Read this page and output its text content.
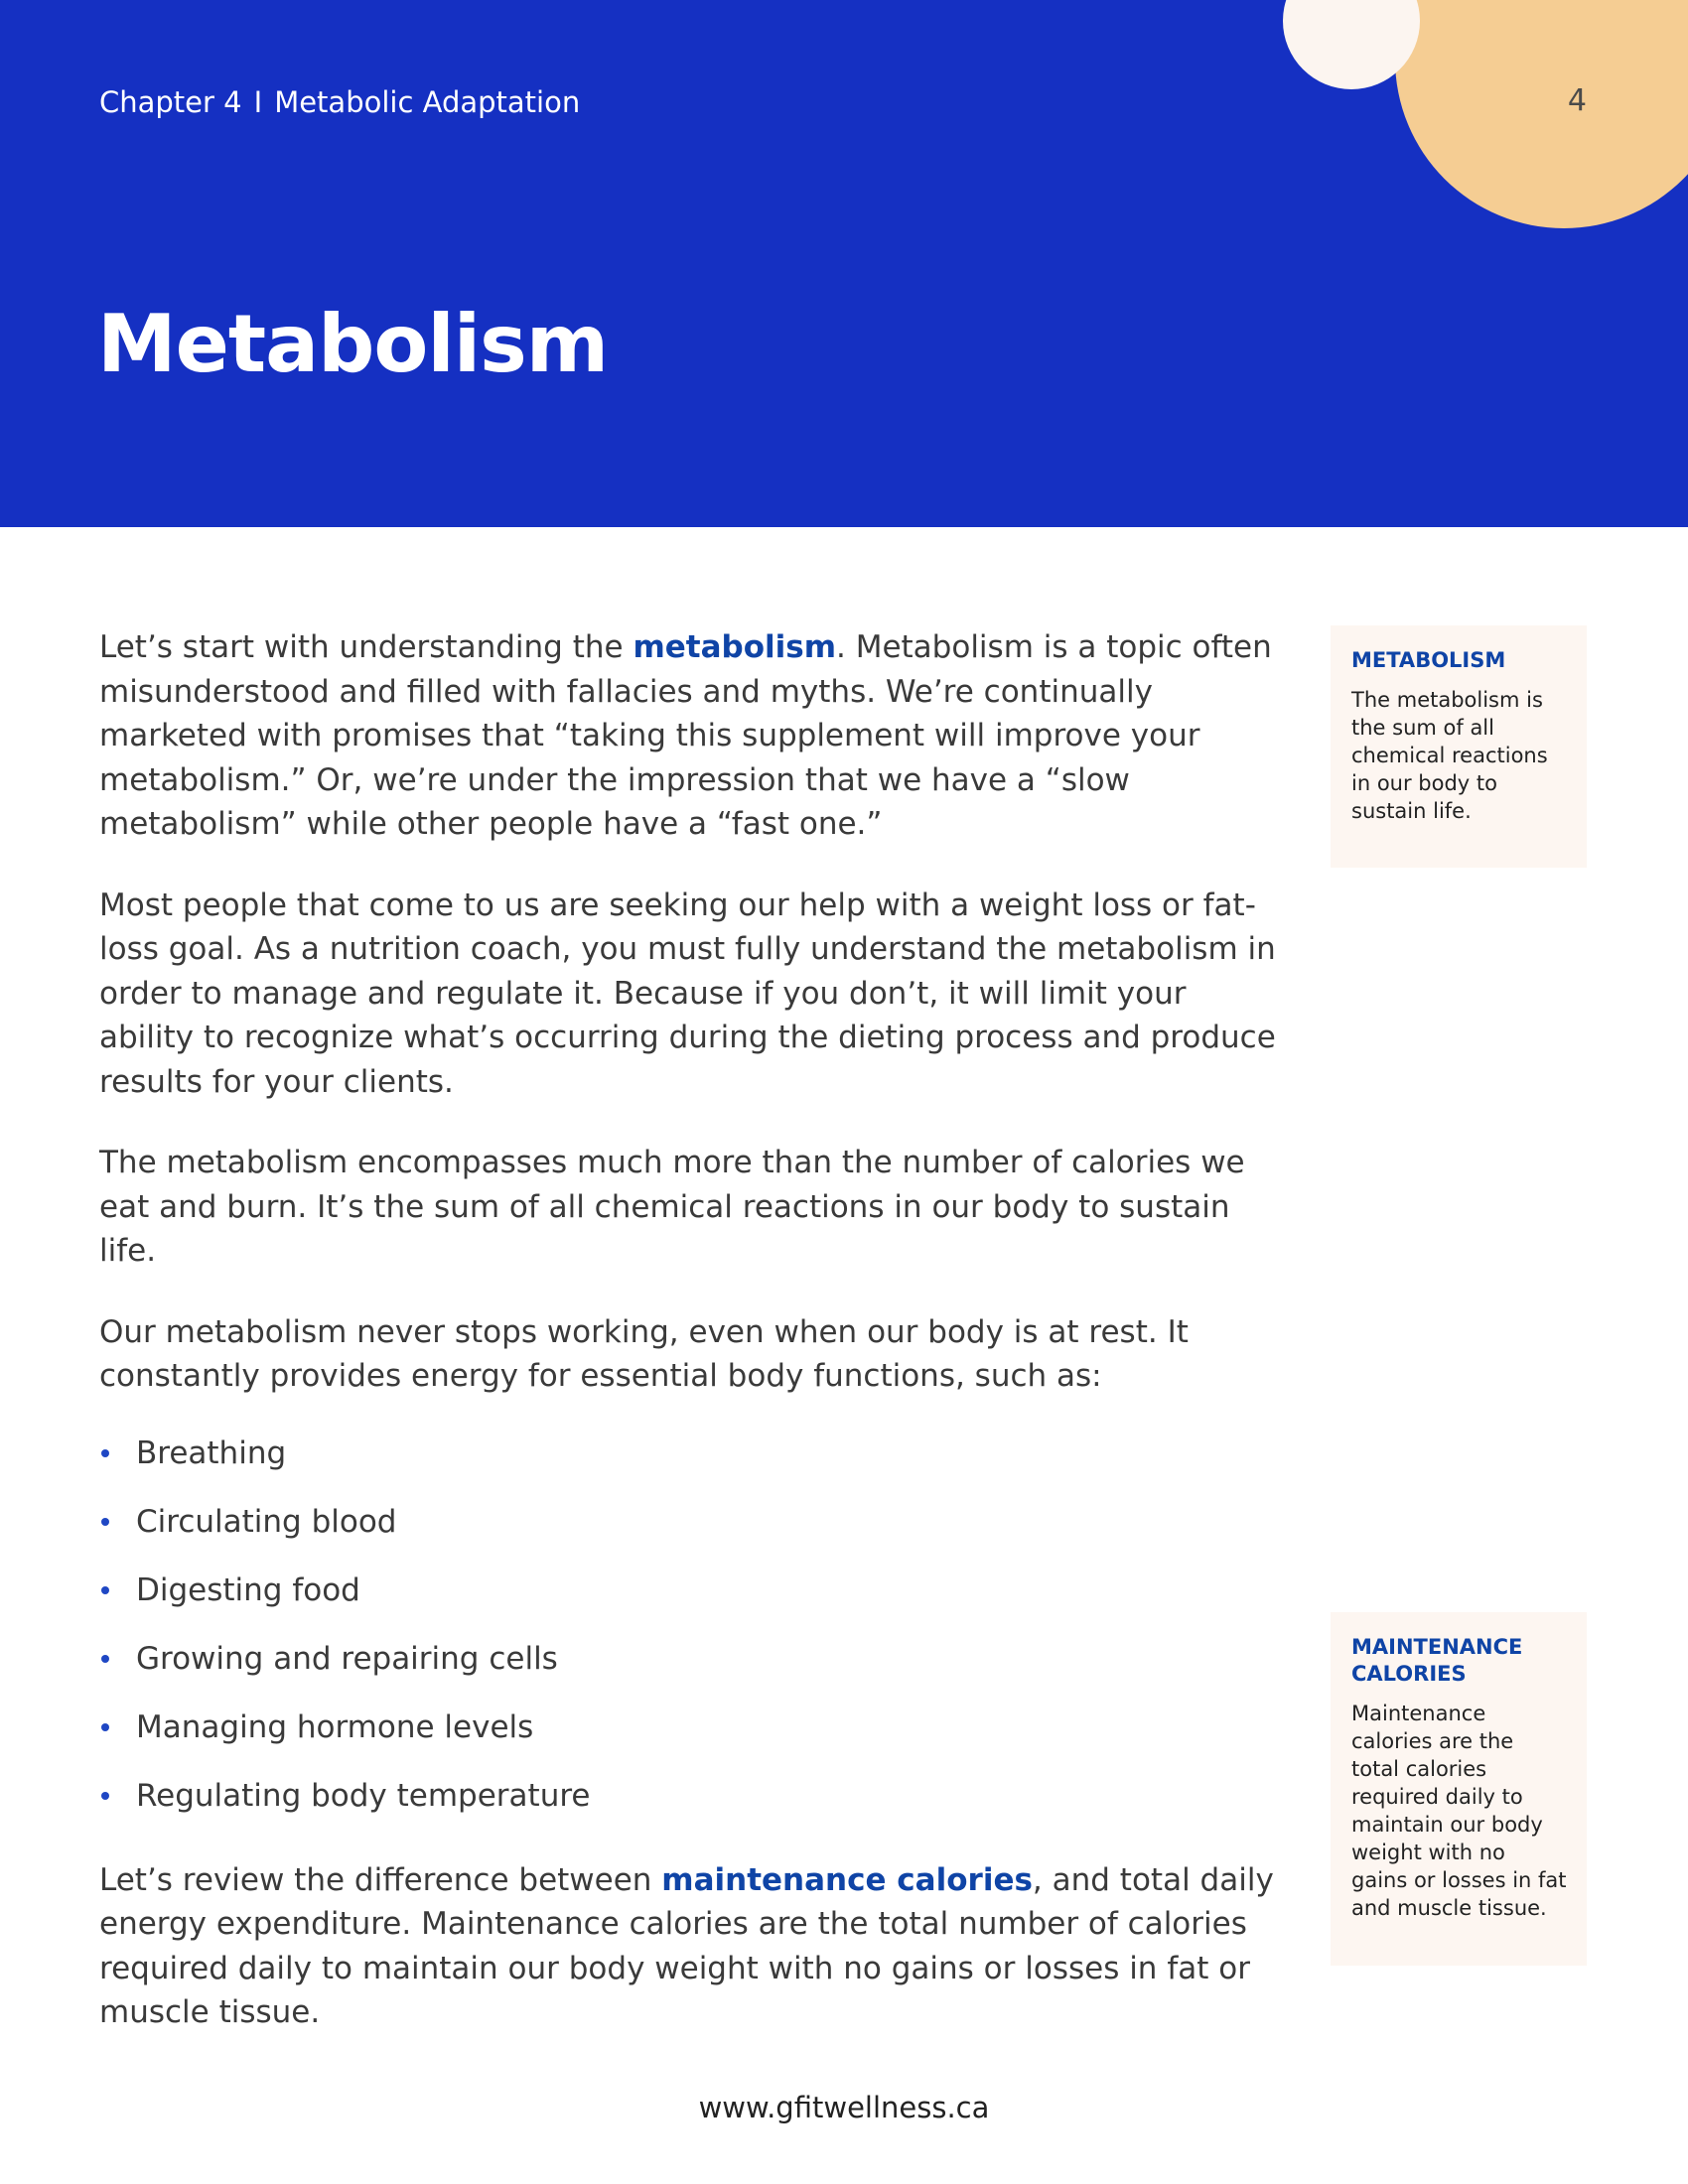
Chapter 4 I Metabolic Adaptation	4
Metabolism

Let’s start with understanding the metabolism. Metabolism is a topic often misunderstood and filled with fallacies and myths. We’re continually marketed with promises that “taking this supplement will improve your metabolism.” Or, we’re under the impression that we have a “slow metabolism” while other people have a “fast one.”

Most people that come to us are seeking our help with a weight loss or fat-loss goal. As a nutrition coach, you must fully understand the metabolism in order to manage and regulate it. Because if you don’t, it will limit your ability to recognize what’s occurring during the dieting process and produce results for your clients.

The metabolism encompasses much more than the number of calories we eat and burn. It’s the sum of all chemical reactions in our body to sustain life.

Our metabolism never stops working, even when our body is at rest. It constantly provides energy for essential body functions, such as:

Breathing
Circulating blood
Digesting food
Growing and repairing cells
Managing hormone levels
Regulating body temperature

Let’s review the difference between maintenance calories, and total daily energy expenditure. Maintenance calories are the total number of calories required daily to maintain our body weight with no gains or losses in fat or muscle tissue.

METABOLISM
The metabolism is the sum of all chemical reactions in our body to sustain life.
MAINTENANCE CALORIES
Maintenance calories are the total calories required daily to maintain our body weight with no gains or losses in fat and muscle tissue.
www.gfitwellness.ca
